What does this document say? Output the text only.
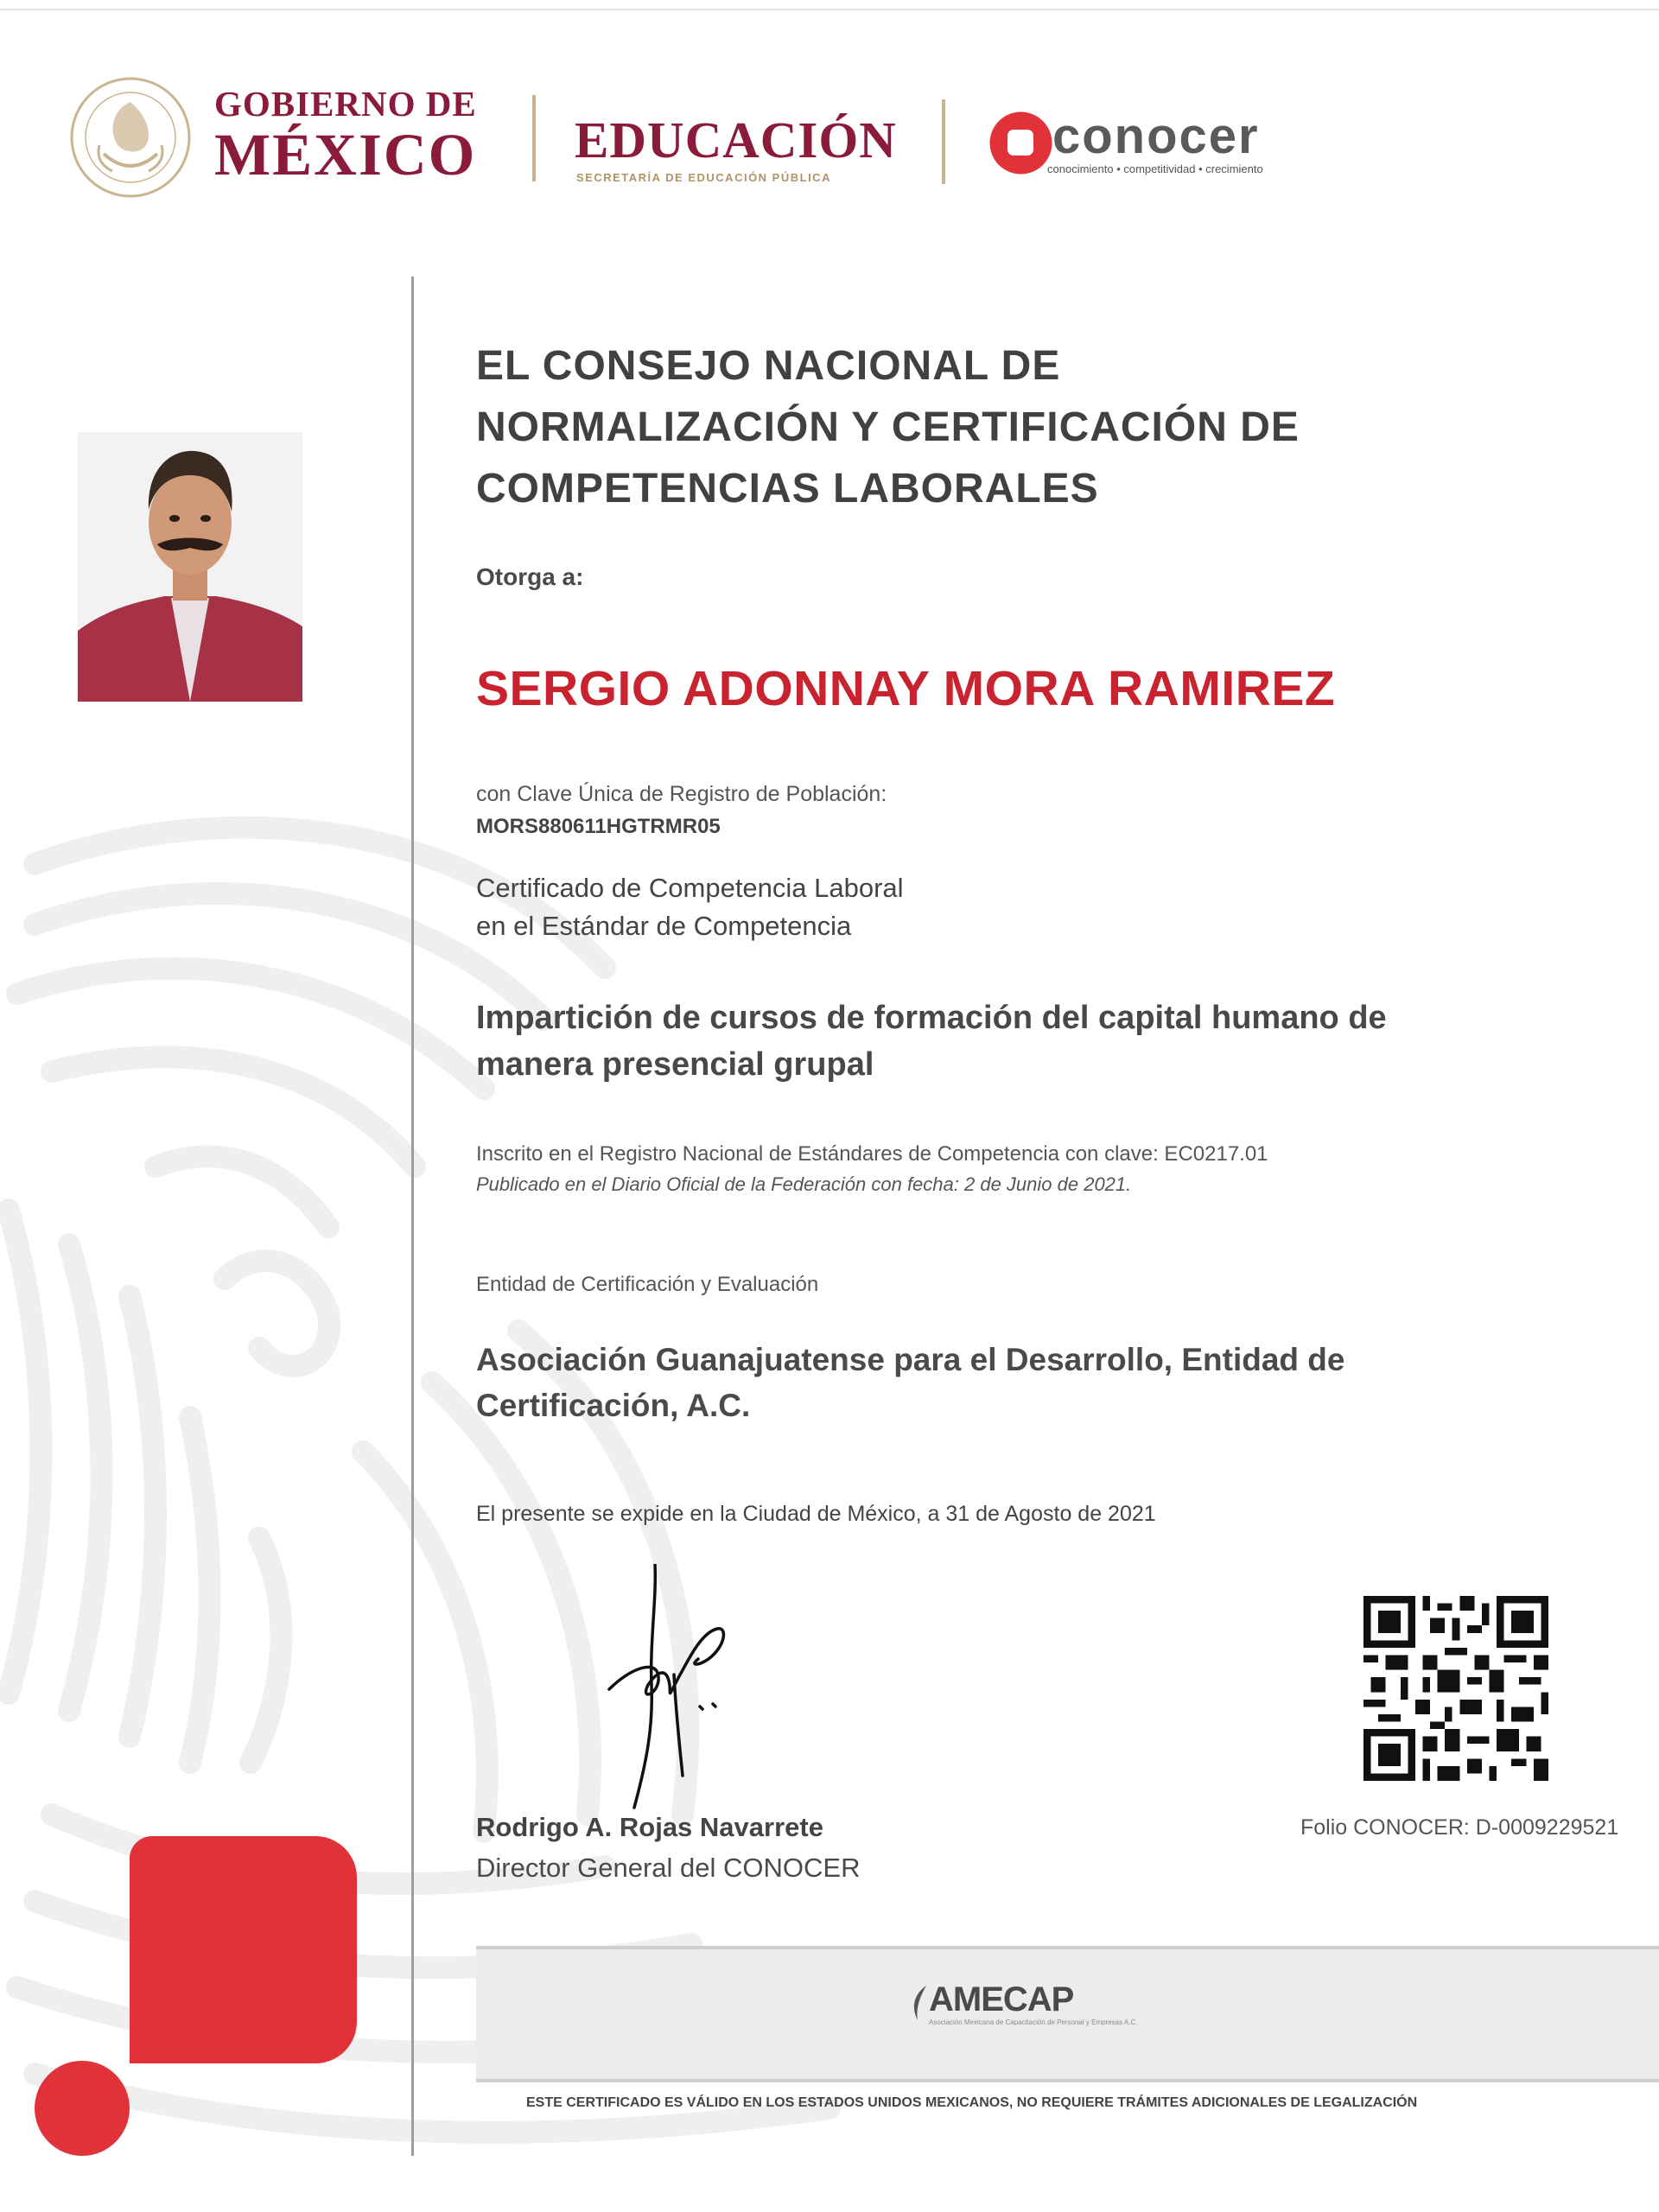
GOBIERNO DE
MÉXICO EDUCACIÓN
SECRETARÍA DE EDUCACIÓN PÚBLICA
conocer
conocimiento • competitividad • crecimiento
EL CONSEJO NACIONAL DE
NORMALIZACIÓN Y CERTIFICACIÓN DE
COMPETENCIAS LABORALES
Otorga a:
SERGIO ADONNAY MORA RAMIREZ
con Clave Única de Registro de Población:
MORS880611HGTRMR05
Certificado de Competencia Laboral
en el Estándar de Competencia
Impartición de cursos de formación del capital humano de
manera presencial grupal
Inscrito en el Registro Nacional de Estándares de Competencia con clave: EC0217.01
Publicado en el Diario Oficial de la Federación con fecha: 2 de Junio de 2021.
Entidad de Certificación y Evaluación
Asociación Guanajuatense para el Desarrollo, Entidad de
Certificación, A.C.
El presente se expide en la Ciudad de México, a 31 de Agosto de 2021
Rodrigo A. Rojas Navarrete
Director General del CONOCER
Folio CONOCER: D-0009229521
AMECAP
Asociación Mexicana de Capacitación de Personal y Empresas A.C.
ESTE CERTIFICADO ES VÁLIDO EN LOS ESTADOS UNIDOS MEXICANOS, NO REQUIERE TRÁMITES ADICIONALES DE LEGALIZACIÓN
